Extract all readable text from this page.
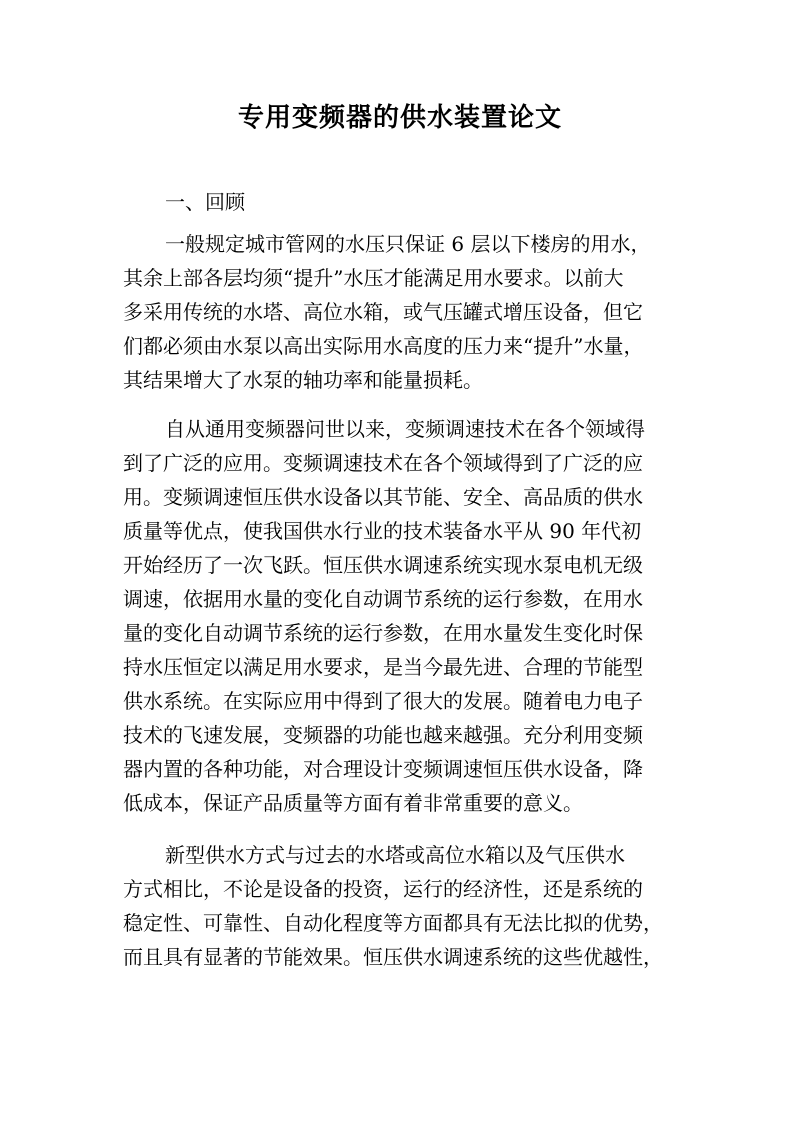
专用变频器的供水装置论文
一、回顾
一般规定城市管网的水压只保证 6 层以下楼房的用水，
其余上部各层均须“提升”水压才能满足用水要求。以前大
多采用传统的水塔、高位水箱，或气压罐式增压设备，但它
们都必须由水泵以高出实际用水高度的压力来“提升”水量，
其结果增大了水泵的轴功率和能量损耗。
自从通用变频器问世以来，变频调速技术在各个领域得
到了广泛的应用。变频调速技术在各个领域得到了广泛的应
用。变频调速恒压供水设备以其节能、安全、高品质的供水
质量等优点，使我国供水行业的技术装备水平从 90 年代初
开始经历了一次飞跃。恒压供水调速系统实现水泵电机无级
调速，依据用水量的变化自动调节系统的运行参数，在用水
量的变化自动调节系统的运行参数，在用水量发生变化时保
持水压恒定以满足用水要求，是当今最先进、合理的节能型
供水系统。在实际应用中得到了很大的发展。随着电力电子
技术的飞速发展，变频器的功能也越来越强。充分利用变频
器内置的各种功能，对合理设计变频调速恒压供水设备，降
低成本，保证产品质量等方面有着非常重要的意义。
新型供水方式与过去的水塔或高位水箱以及气压供水
方式相比，不论是设备的投资，运行的经济性，还是系统的
稳定性、可靠性、自动化程度等方面都具有无法比拟的优势，
而且具有显著的节能效果。恒压供水调速系统的这些优越性，
